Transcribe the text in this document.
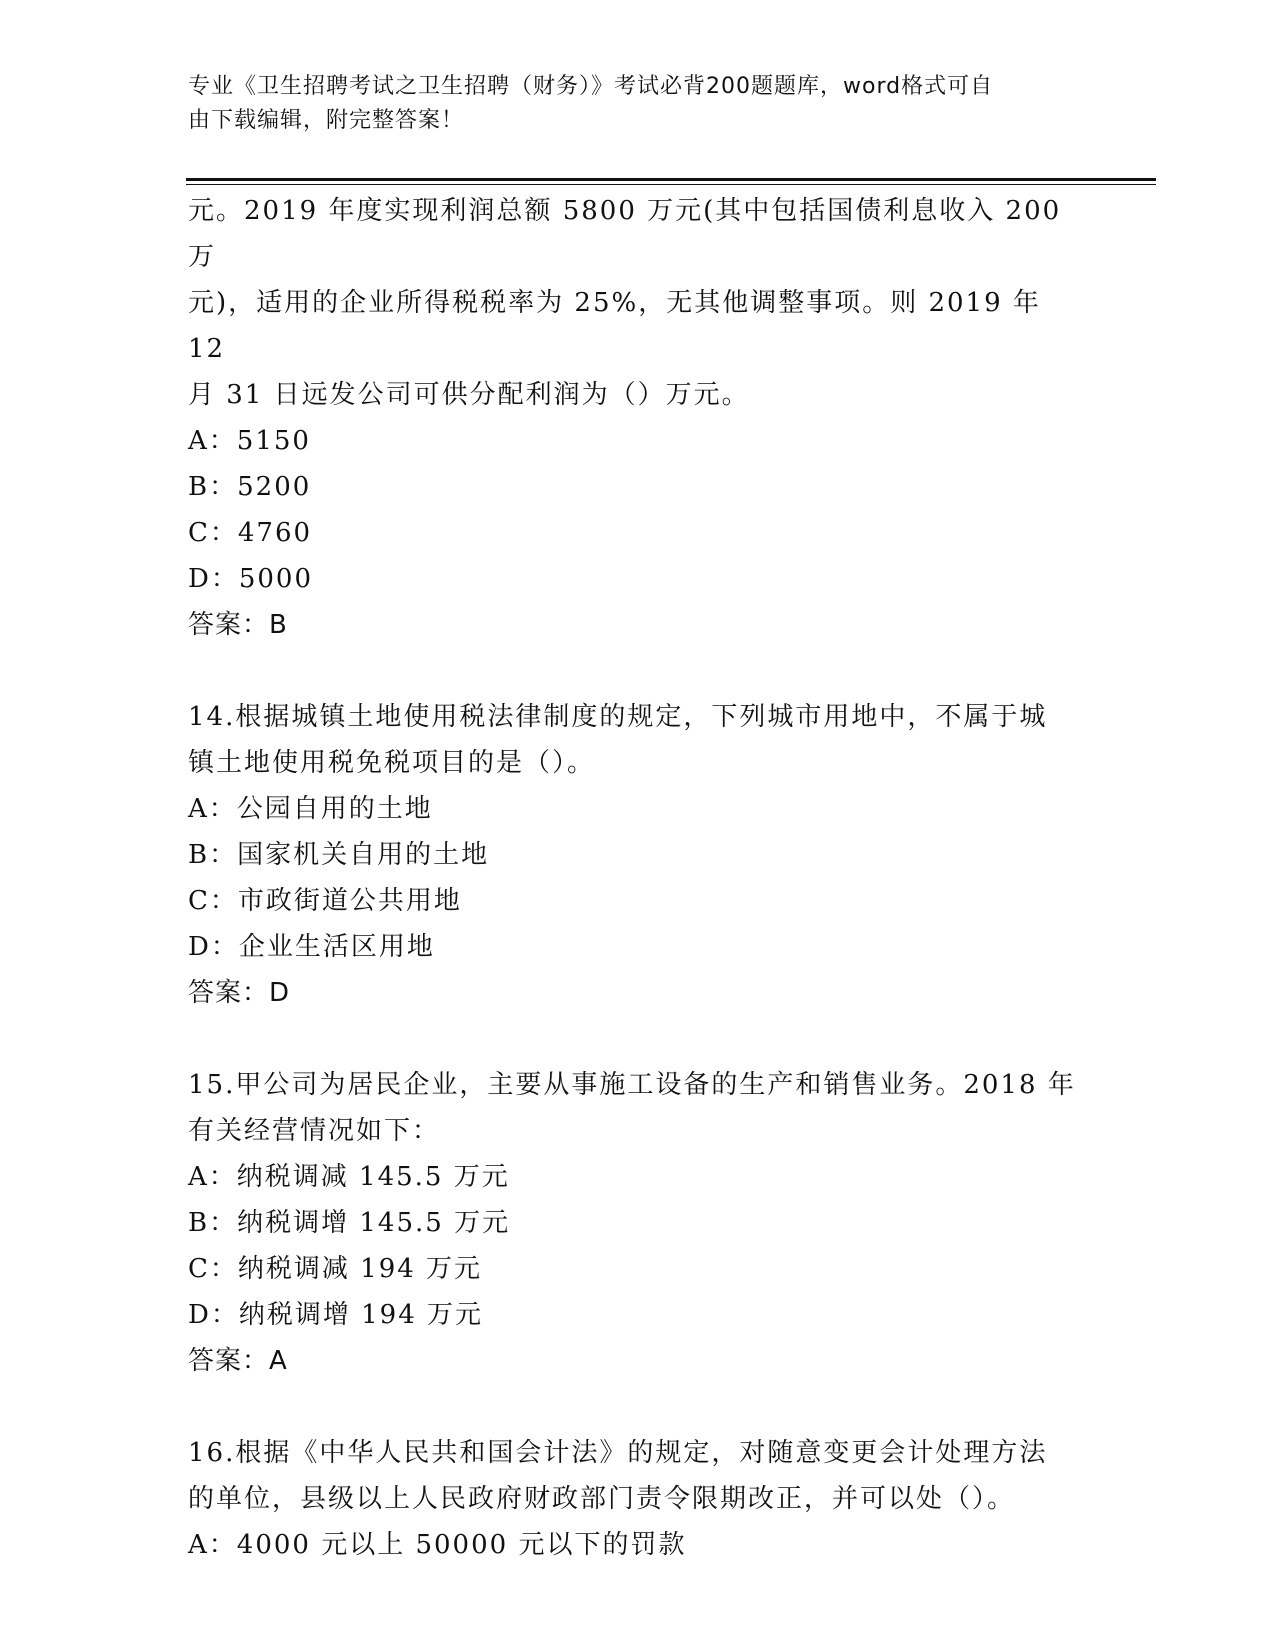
专业《卫生招聘考试之卫生招聘（财务）》考试必背200题题库，word格式可自
由下载编辑，附完整答案！
元。2019 年度实现利润总额 5800 万元(其中包括国债利息收入 200 万
元)，适用的企业所得税税率为 25%，无其他调整事项。则 2019 年 12
月 31 日远发公司可供分配利润为（）万元。
A：5150
B：5200
C：4760
D：5000
答案：B
14.根据城镇土地使用税法律制度的规定，下列城市用地中，不属于城
镇土地使用税免税项目的是（）。
A：公园自用的土地
B：国家机关自用的土地
C：市政街道公共用地
D：企业生活区用地
答案：D
15.甲公司为居民企业，主要从事施工设备的生产和销售业务。2018 年
有关经营情况如下：
A：纳税调减 145.5 万元
B：纳税调增 145.5 万元
C：纳税调减 194 万元
D：纳税调增 194 万元
答案：A
16.根据《中华人民共和国会计法》的规定，对随意变更会计处理方法
的单位，县级以上人民政府财政部门责令限期改正，并可以处（）。
A：4000 元以上 50000 元以下的罚款
